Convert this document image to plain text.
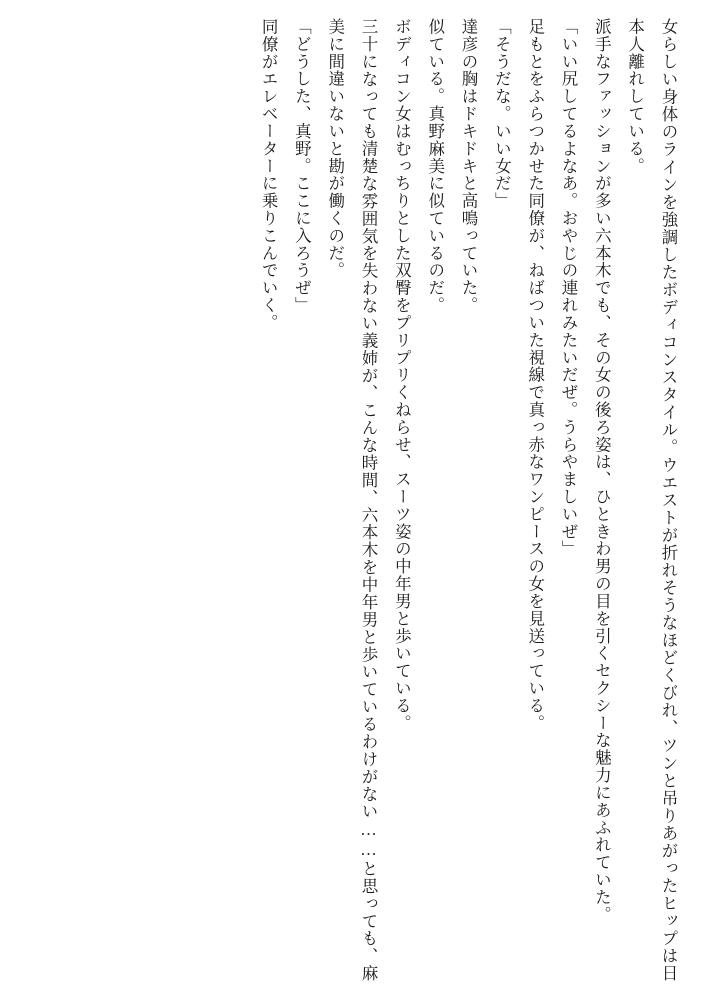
女らしい身体のラインを強調したボディコンスタイル。ウエストが折れそうなほどくびれ、ツンと吊りあがったヒップは日本人離れしている。

派手なファッションが多い六本木でも、その女の後ろ姿は、ひときわ男の目を引くセクシーな魅力にあふれていた。

「いい尻してるよなあ。おやじの連れみたいだぜ。うらやましいぜ」

足もとをふらつかせた同僚が、ねばついた視線で真っ赤なワンピースの女を見送っている。

「そうだな。いい女だ」

達彦の胸はドキドキと高鳴っていた。

似ている。真野麻美に似ているのだ。

ボディコン女はむっちりとした双臀をプリプリくねらせ、スーツ姿の中年男と歩いている。

三十になっても清楚な雰囲気を失わない義姉が、こんな時間、六本木を中年男と歩いているわけがない……と思っても、麻美に間違いないと勘が働くのだ。

「どうした、真野。ここに入ろうぜ」

同僚がエレベーターに乗りこんでいく。
